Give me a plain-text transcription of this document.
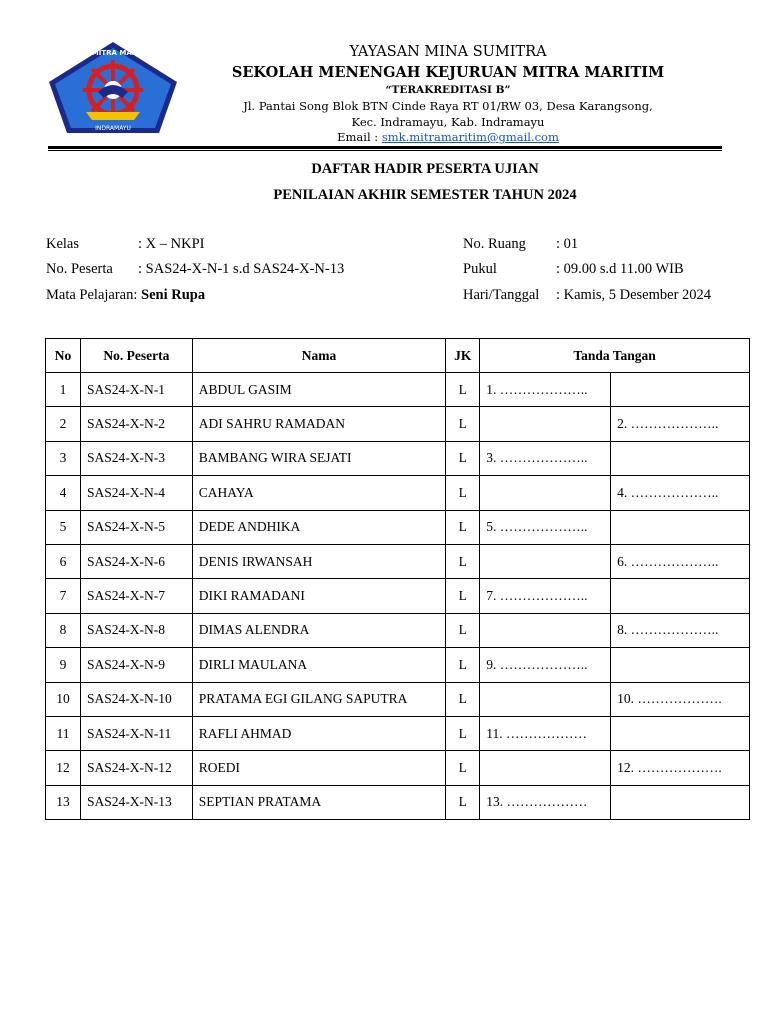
SMK MITRA MARITIM
INDRAMAYU
YAYASAN MINA SUMITRA
SEKOLAH MENENGAH KEJURUAN MITRA MARITIM
“TERAKREDITASI B”
Jl. Pantai Song Blok BTN Cinde Raya RT 01/RW 03, Desa Karangsong,
Kec. Indramayu, Kab. Indramayu
Email : smk.mitramaritim@gmail.com
DAFTAR HADIR PESERTA UJIAN
PENILAIAN AKHIR SEMESTER TAHUN 2024
Kelas	: X – NKPI
No. Peserta : SAS24-X-N-1 s.d SAS24-X-N-13
Mata Pelajaran: Seni Rupa
No. Ruang : 01
Pukul	: 09.00 s.d 11.00 WIB
Hari/Tanggal : Kamis, 5 Desember 2024
No	No. Peserta	Nama	JK	Tanda Tangan	
1	SAS24-X-N-1	ABDUL GASIM	L	1. ………………..	
2	SAS24-X-N-2	ADI SAHRU RAMADAN	L		2. ………………..
3	SAS24-X-N-3	BAMBANG WIRA SEJATI	L	3. ………………..	
4	SAS24-X-N-4	CAHAYA	L		4. ………………..
5	SAS24-X-N-5	DEDE ANDHIKA	L	5. ………………..	
6	SAS24-X-N-6	DENIS IRWANSAH	L		6. ………………..
7	SAS24-X-N-7	DIKI RAMADANI	L	7. ………………..	
8	SAS24-X-N-8	DIMAS ALENDRA	L		8. ………………..
9	SAS24-X-N-9	DIRLI MAULANA	L	9. ………………..	
10	SAS24-X-N-10	PRATAMA EGI GILANG SAPUTRA	L		10. ……………….
11	SAS24-X-N-11	RAFLI AHMAD	L	11. ………………	
12	SAS24-X-N-12	ROEDI	L		12. ……………….
13	SAS24-X-N-13	SEPTIAN PRATAMA	L	13. ………………	
